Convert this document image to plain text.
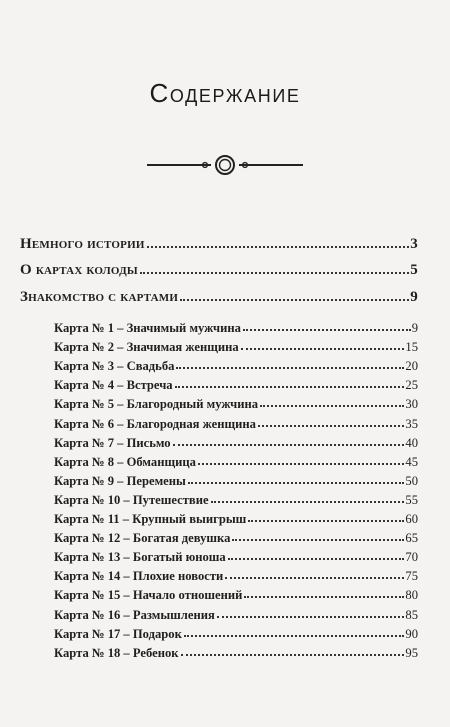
Содержание
Немного истории	3
О картах колоды	5
Знакомство с картами	9
Карта № 1 – Значимый мужчина	9
Карта № 2 – Значимая женщина	15
Карта № 3 – Свадьба	20
Карта № 4 – Встреча	25
Карта № 5 – Благородный мужчина	30
Карта № 6 – Благородная женщина	35
Карта № 7 – Письмо	40
Карта № 8 – Обманщица	45
Карта № 9 – Перемены	50
Карта № 10 – Путешествие	55
Карта № 11 – Крупный выигрыш	60
Карта № 12 – Богатая девушка	65
Карта № 13 – Богатый юноша	70
Карта № 14 – Плохие новости	75
Карта № 15 – Начало отношений	80
Карта № 16 – Размышления	85
Карта № 17 – Подарок	90
Карта № 18 – Ребенок	95
